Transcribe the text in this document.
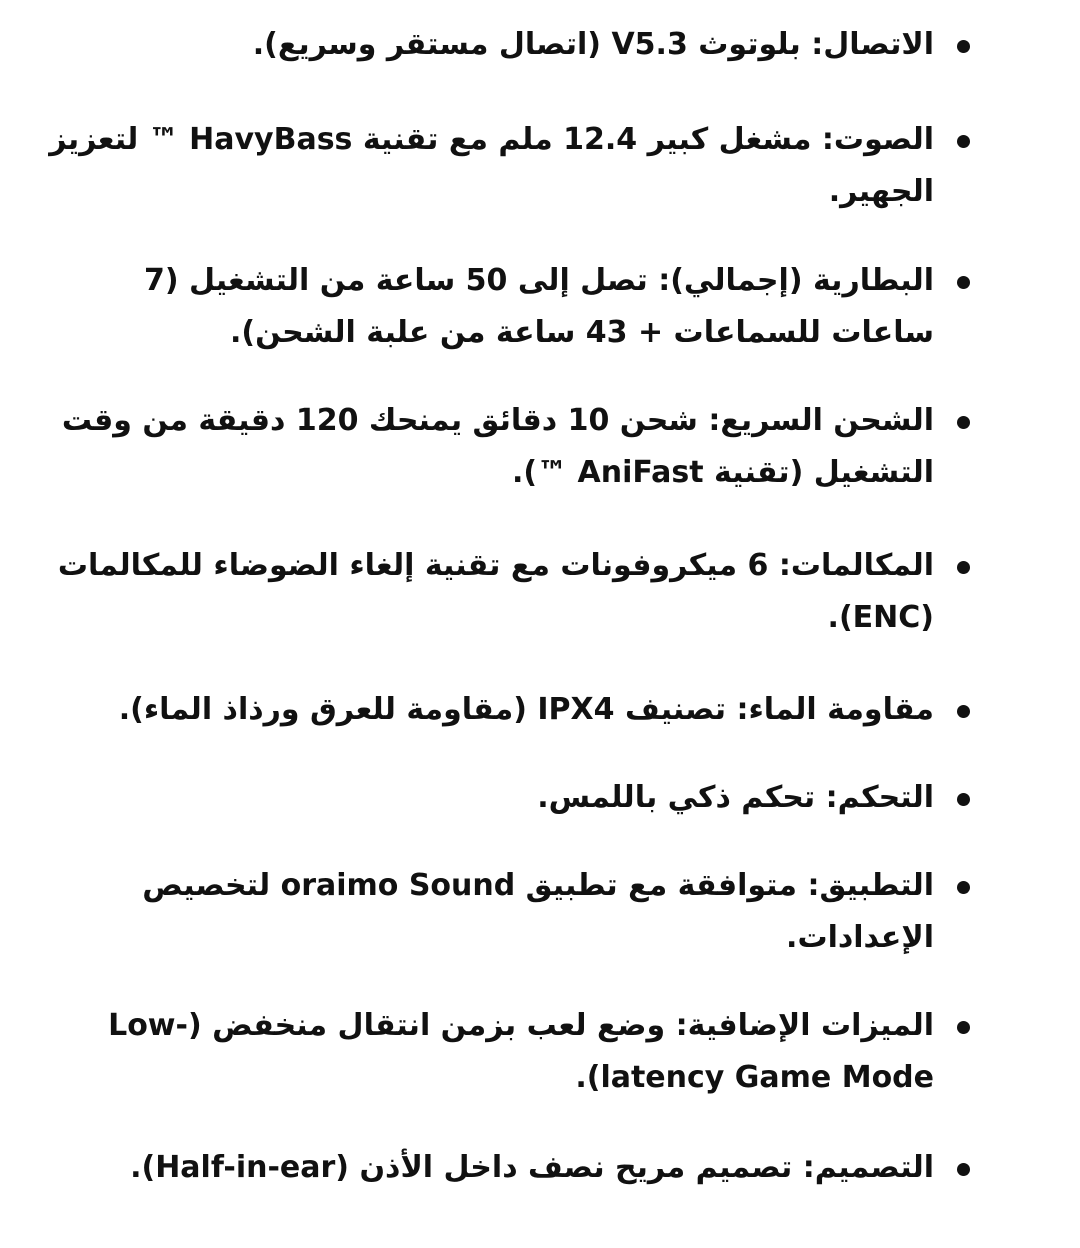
الاتصال: بلوتوث V5.3 (اتصال مستقر وسريع).
الصوت: مشغل كبير 12.4 ملم مع تقنية HavyBass ™ لتعزيز الجهير.
البطارية (إجمالي): تصل إلى 50 ساعة من التشغيل (7 ساعات للسماعات + 43 ساعة من علبة الشحن).
الشحن السريع: شحن 10 دقائق يمنحك 120 دقيقة من وقت التشغيل (تقنية AniFast ™).
المكالمات: 6 ميكروفونات مع تقنية إلغاء الضوضاء للمكالمات (ENC).
مقاومة الماء: تصنيف IPX4 (مقاومة للعرق ورذاذ الماء).
التحكم: تحكم ذكي باللمس.
التطبيق: متوافقة مع تطبيق oraimo Sound لتخصيص الإعدادات.
الميزات الإضافية: وضع لعب بزمن انتقال منخفض (Low-latency Game Mode).
التصميم: تصميم مريح نصف داخل الأذن (Half-in-ear).
